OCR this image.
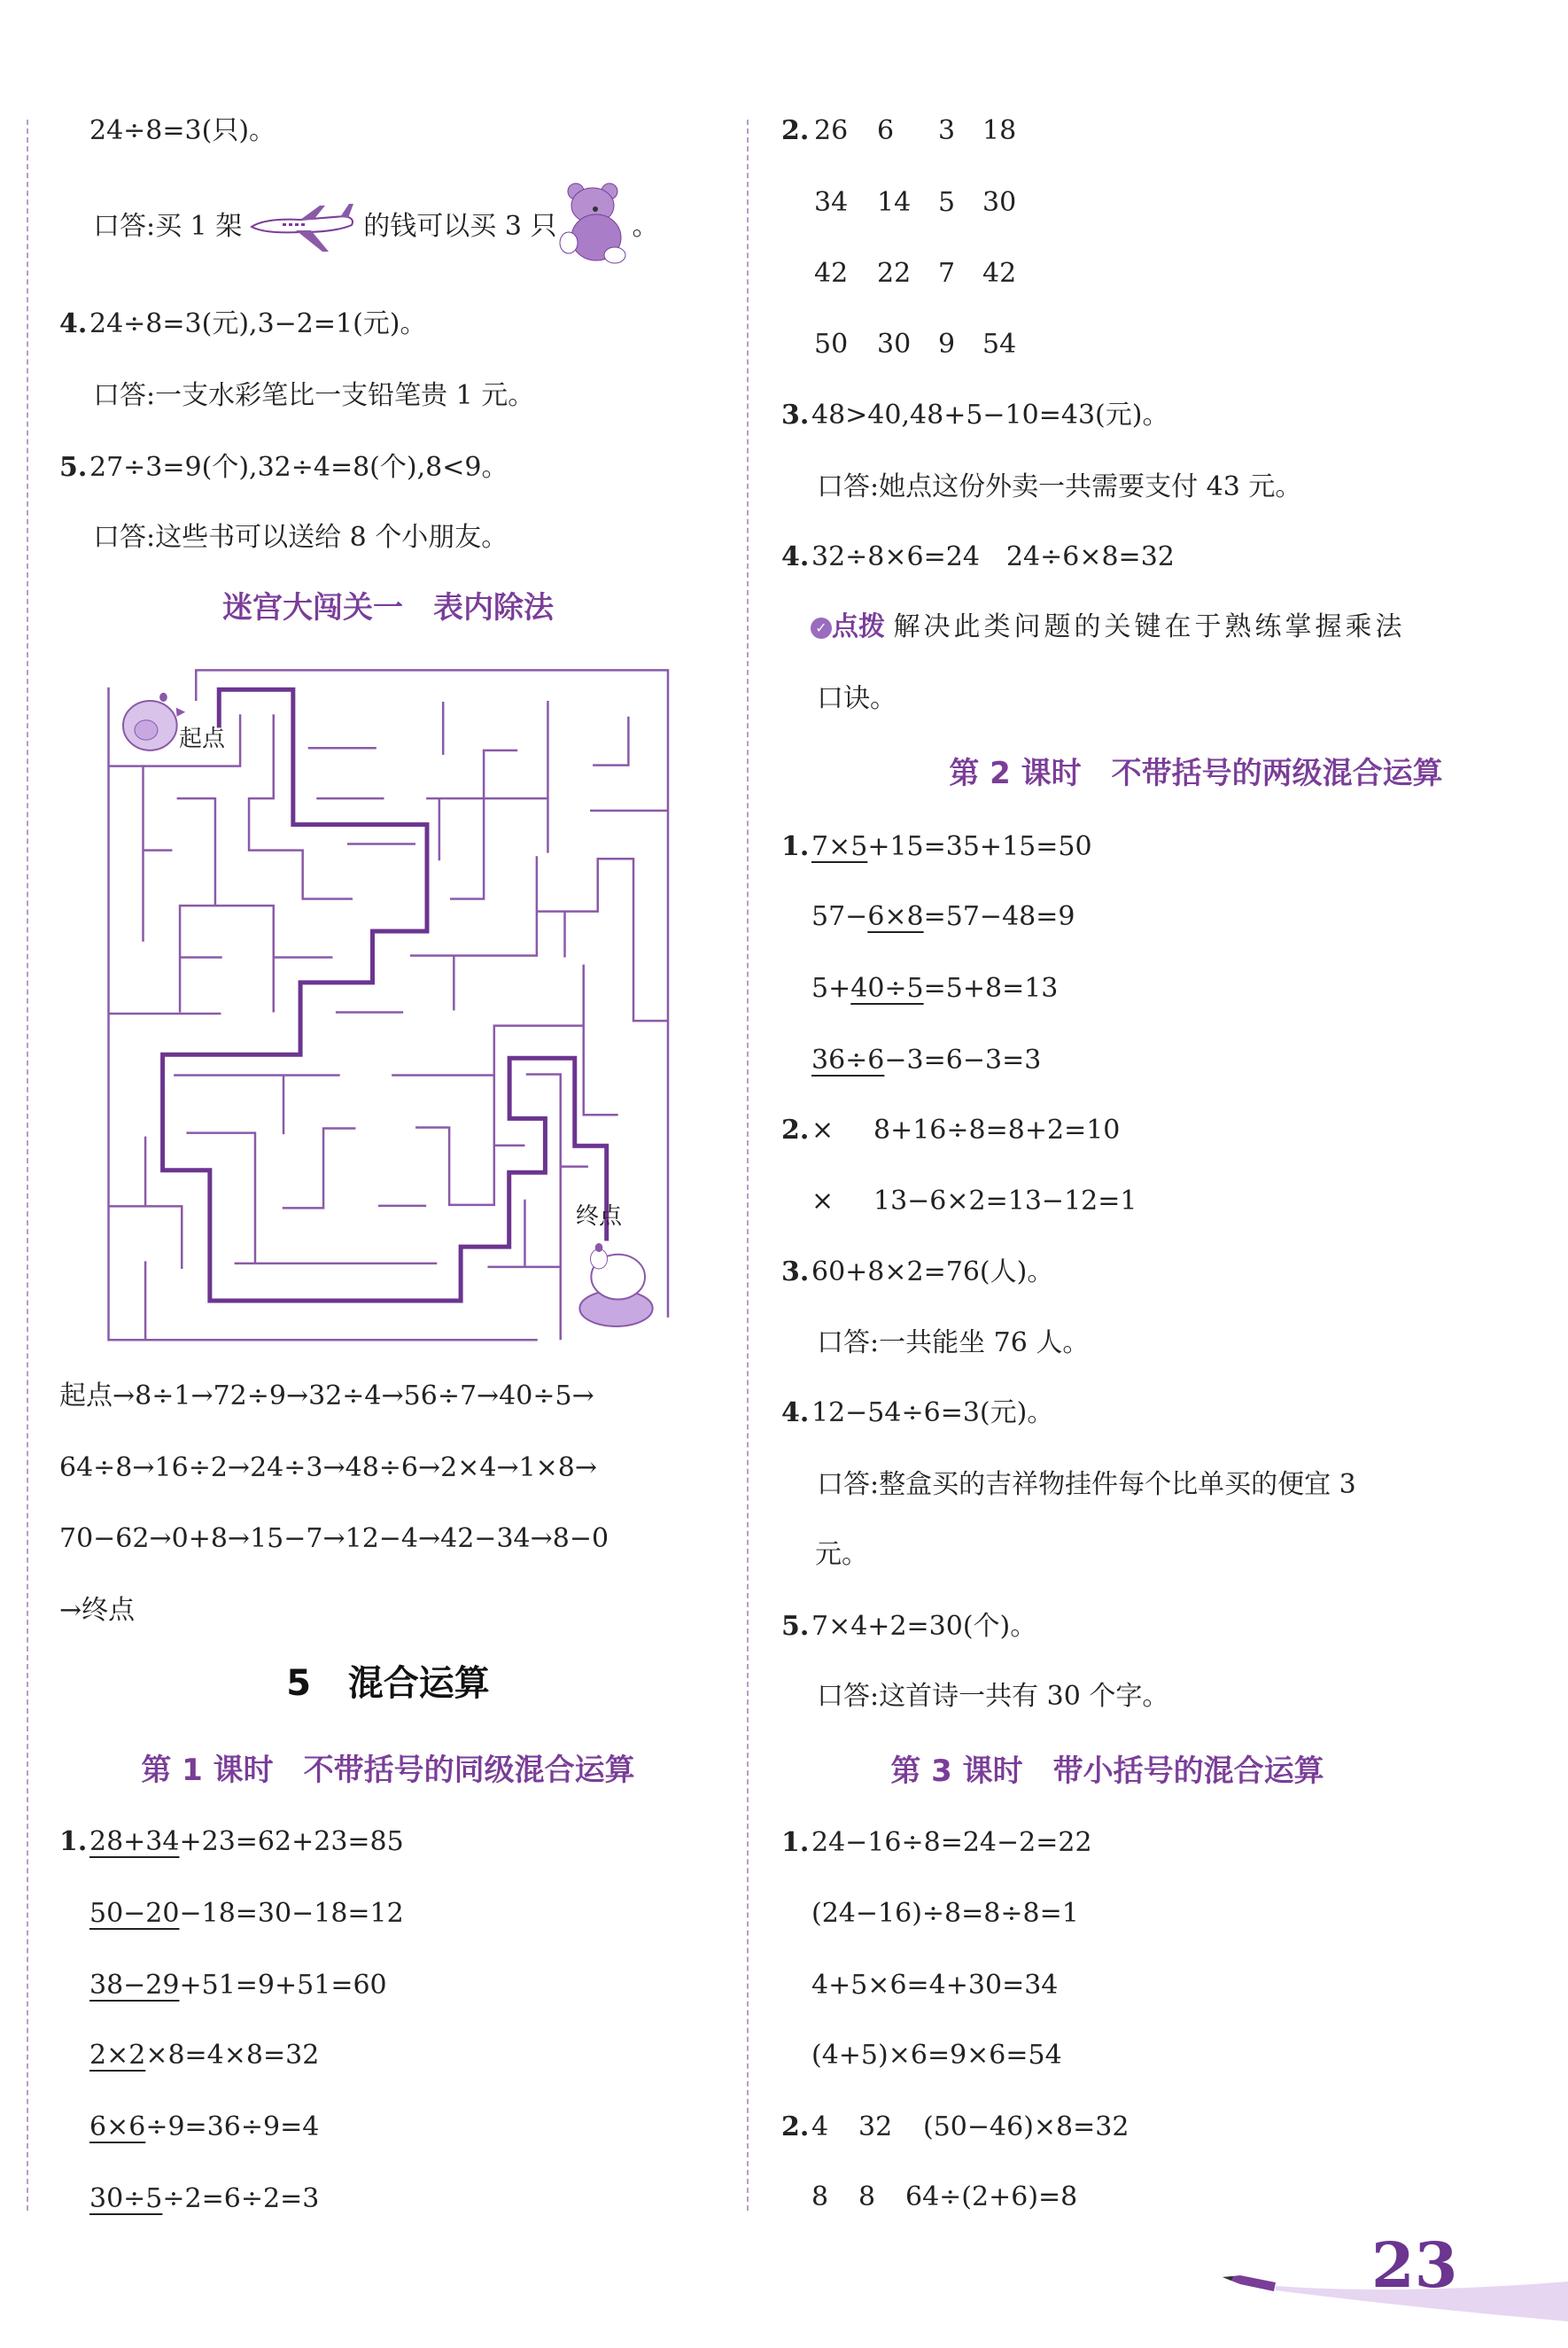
24÷8=3(只)。
口答:买 1 架	的钱可以买 3 只	。
4.24÷8=3(元),3−2=1(元)。
口答:一支水彩笔比一支铅笔贵 1 元。
5.27÷3=9(个),32÷4=8(个),8<9。
口答:这些书可以送给 8 个小朋友。
迷宫大闯关一　表内除法
起点
终点
起点→8÷1→72÷9→32÷4→56÷7→40÷5→
64÷8→16÷2→24÷3→48÷6→2×4→1×8→
70−62→0+8→15−7→12−4→42−34→8−0
→终点
5 混合运算
第 1 课时　不带括号的同级混合运算
1.28+34+23=62+23=85
50−20−18=30−18=12
38−29+51=9+51=60
2×2×8=4×8=32
6×6÷9=36÷9=4
30÷5÷2=6÷2=3
2. 26 6 3 18
34 14 5 30
42 22 7 42
50 30 9 54
3.48>40,48+5−10=43(元)。
口答:她点这份外卖一共需要支付 43 元。
4.32÷8×6=24　24÷6×8=32
✓ 点拨 解决此类问题的关键在于熟练掌握乘法
口诀。
第 2 课时　不带括号的两级混合运算
1.7×5+15=35+15=50
57−6×8=57−48=9
5+40÷5=5+8=13
36÷6−3=6−3=3
2.× 8+16÷8=8+2=10
× 13−6×2=13−12=1
3.60+8×2=76(人)。
口答:一共能坐 76 人。
4.12−54÷6=3(元)。
口答:整盒买的吉祥物挂件每个比单买的便宜 3
元。
5.7×4+2=30(个)。
口答:这首诗一共有 30 个字。
第 3 课时　带小括号的混合运算
1.24−16÷8=24−2=22
(24−16)÷8=8÷8=1
4+5×6=4+30=34
(4+5)×6=9×6=54
2. 4 32 (50−46)×8=32
8 8 64÷(2+6)=8
23
